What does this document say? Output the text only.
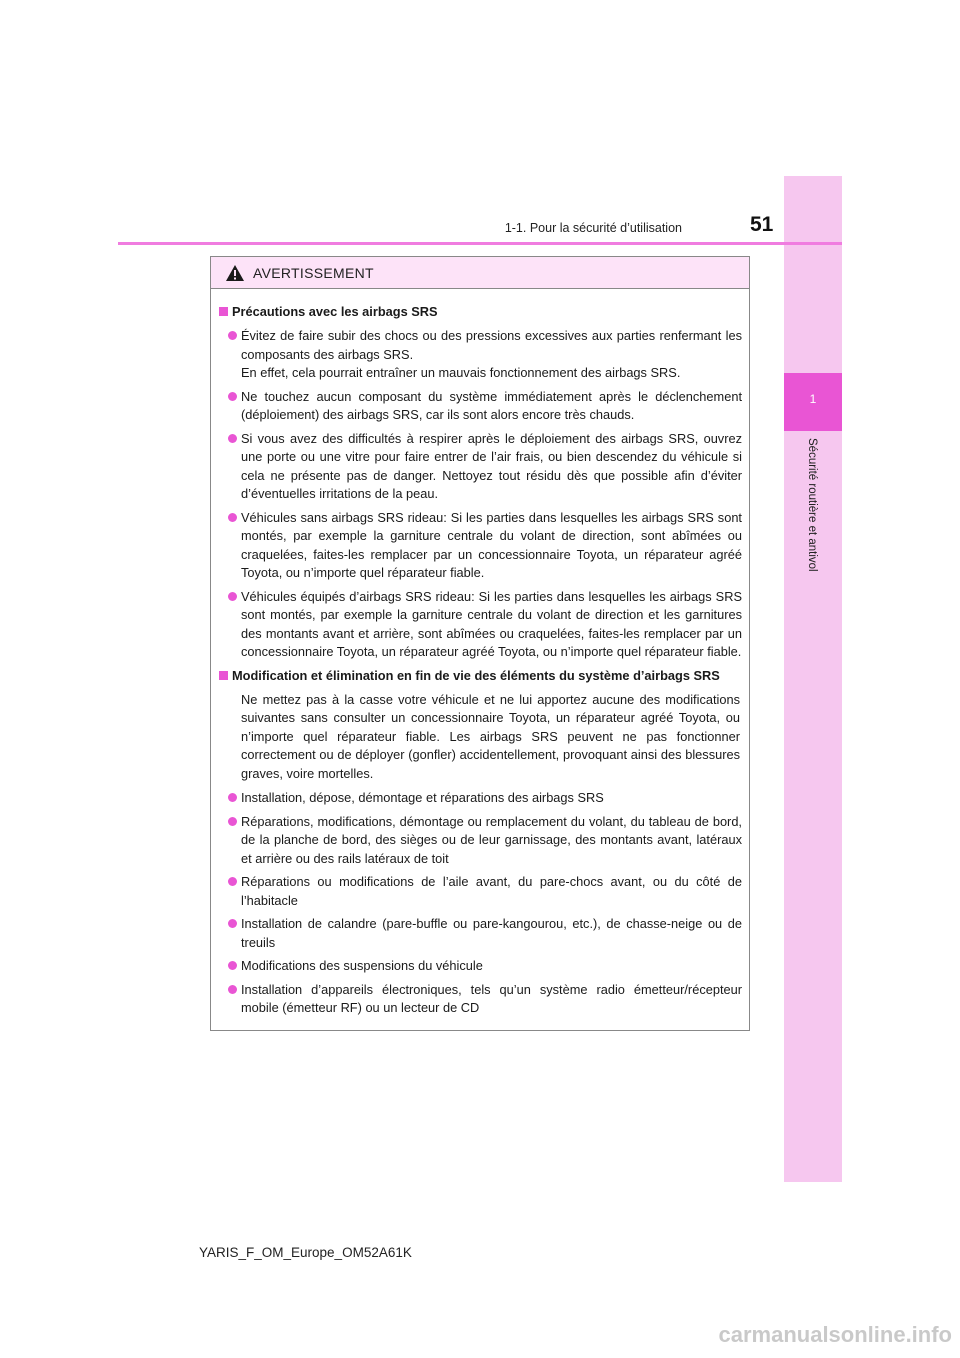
1
Sécurité routière et antivol
1-1. Pour la sécurité d’utilisation	51
AVERTISSEMENT
Précautions avec les airbags SRS
Évitez de faire subir des chocs ou des pressions excessives aux parties renfermant les composants des airbags SRS.
En effet, cela pourrait entraîner un mauvais fonctionnement des airbags SRS.
Ne touchez aucun composant du système immédiatement après le déclenchement (déploiement) des airbags SRS, car ils sont alors encore très chauds.
Si vous avez des difficultés à respirer après le déploiement des airbags SRS, ouvrez une porte ou une vitre pour faire entrer de l’air frais, ou bien descendez du véhicule si cela ne présente pas de danger. Nettoyez tout résidu dès que possible afin d’éviter d’éventuelles irritations de la peau.
Véhicules sans airbags SRS rideau: Si les parties dans lesquelles les airbags SRS sont montés, par exemple la garniture centrale du volant de direction, sont abîmées ou craquelées, faites-les remplacer par un concessionnaire Toyota, un réparateur agréé Toyota, ou n’importe quel réparateur fiable.
Véhicules équipés d’airbags SRS rideau: Si les parties dans lesquelles les airbags SRS sont montés, par exemple la garniture centrale du volant de direction et les garnitures des montants avant et arrière, sont abîmées ou craquelées, faites-les remplacer par un concessionnaire Toyota, un réparateur agréé Toyota, ou n’importe quel réparateur fiable.
Modification et élimination en fin de vie des éléments du système d’airbags SRS
Ne mettez pas à la casse votre véhicule et ne lui apportez aucune des modifications suivantes sans consulter un concessionnaire Toyota, un réparateur agréé Toyota, ou n’importe quel réparateur fiable. Les airbags SRS peuvent ne pas fonctionner correctement ou de déployer (gonfler) accidentellement, provoquant ainsi des blessures graves, voire mortelles.
Installation, dépose, démontage et réparations des airbags SRS
Réparations, modifications, démontage ou remplacement du volant, du tableau de bord, de la planche de bord, des sièges ou de leur garnissage, des montants avant, latéraux et arrière ou des rails latéraux de toit
Réparations ou modifications de l’aile avant, du pare-chocs avant, ou du côté de l’habitacle
Installation de calandre (pare-buffle ou pare-kangourou, etc.), de chasse-neige ou de treuils
Modifications des suspensions du véhicule
Installation d’appareils électroniques, tels qu’un système radio émetteur/récepteur mobile (émetteur RF) ou un lecteur de CD
YARIS_F_OM_Europe_OM52A61K
carmanualsonline.info
